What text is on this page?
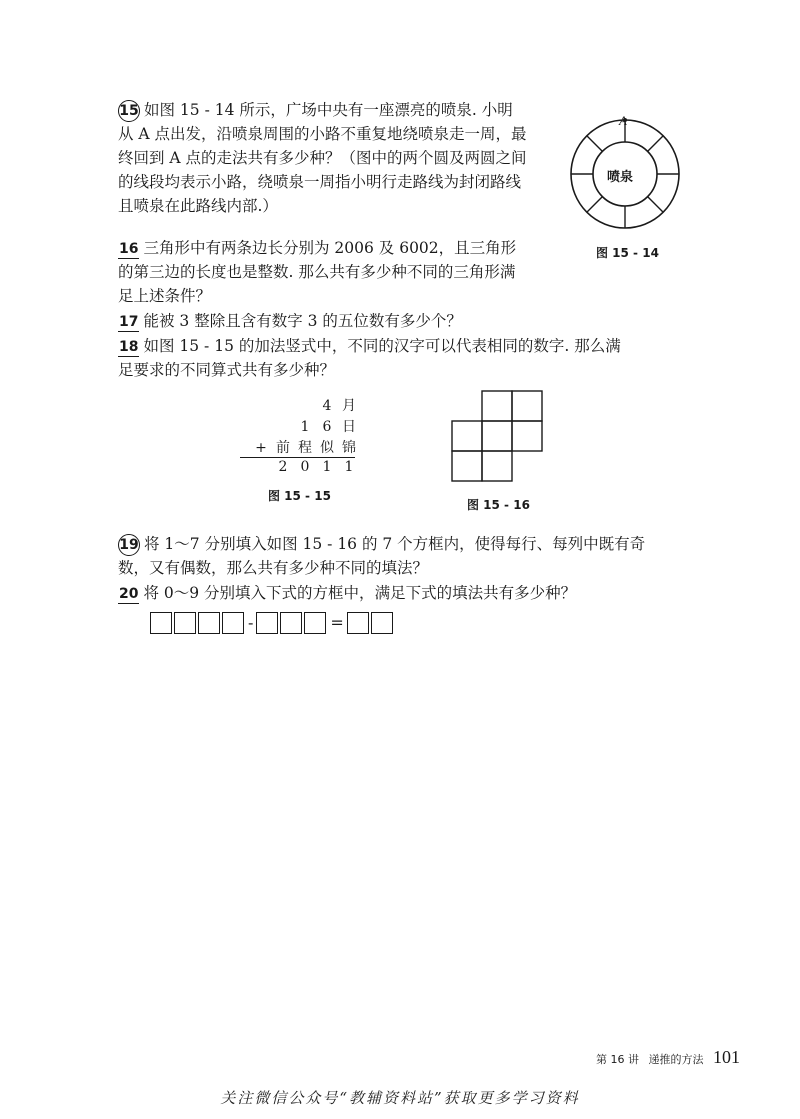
15 如图 15 - 14 所示，广场中央有一座漂亮的喷泉. 小明
从 A 点出发，沿喷泉周围的小路不重复地绕喷泉走一周，最
终回到 A 点的走法共有多少种？（图中的两个圆及两圆之间
的线段均表示小路，绕喷泉一周指小明行走路线为封闭路线
且喷泉在此路线内部.）
A
喷泉
图 15 - 14
16 三角形中有两条边长分别为 2006 及 6002，且三角形
的第三边的长度也是整数. 那么共有多少种不同的三角形满
足上述条件？
17 能被 3 整除且含有数字 3 的五位数有多少个？
18 如图 15 - 15 的加法竖式中，不同的汉字可以代表相同的数字. 那么满
足要求的不同算式共有多少种？
4 月
1 6 日
+ 前 程 似 锦
2 0 1 1
图 15 - 15
图 15 - 16
19 将 1～7 分别填入如图 15 - 16 的 7 个方框内，使得每行、每列中既有奇
数，又有偶数，那么共有多少种不同的填法？
20 将 0～9 分别填入下式的方框中，满足下式的填法共有多少种？
-	=
第 16 讲 递推的方法 101
关注微信公众号“教辅资料站”获取更多学习资料
